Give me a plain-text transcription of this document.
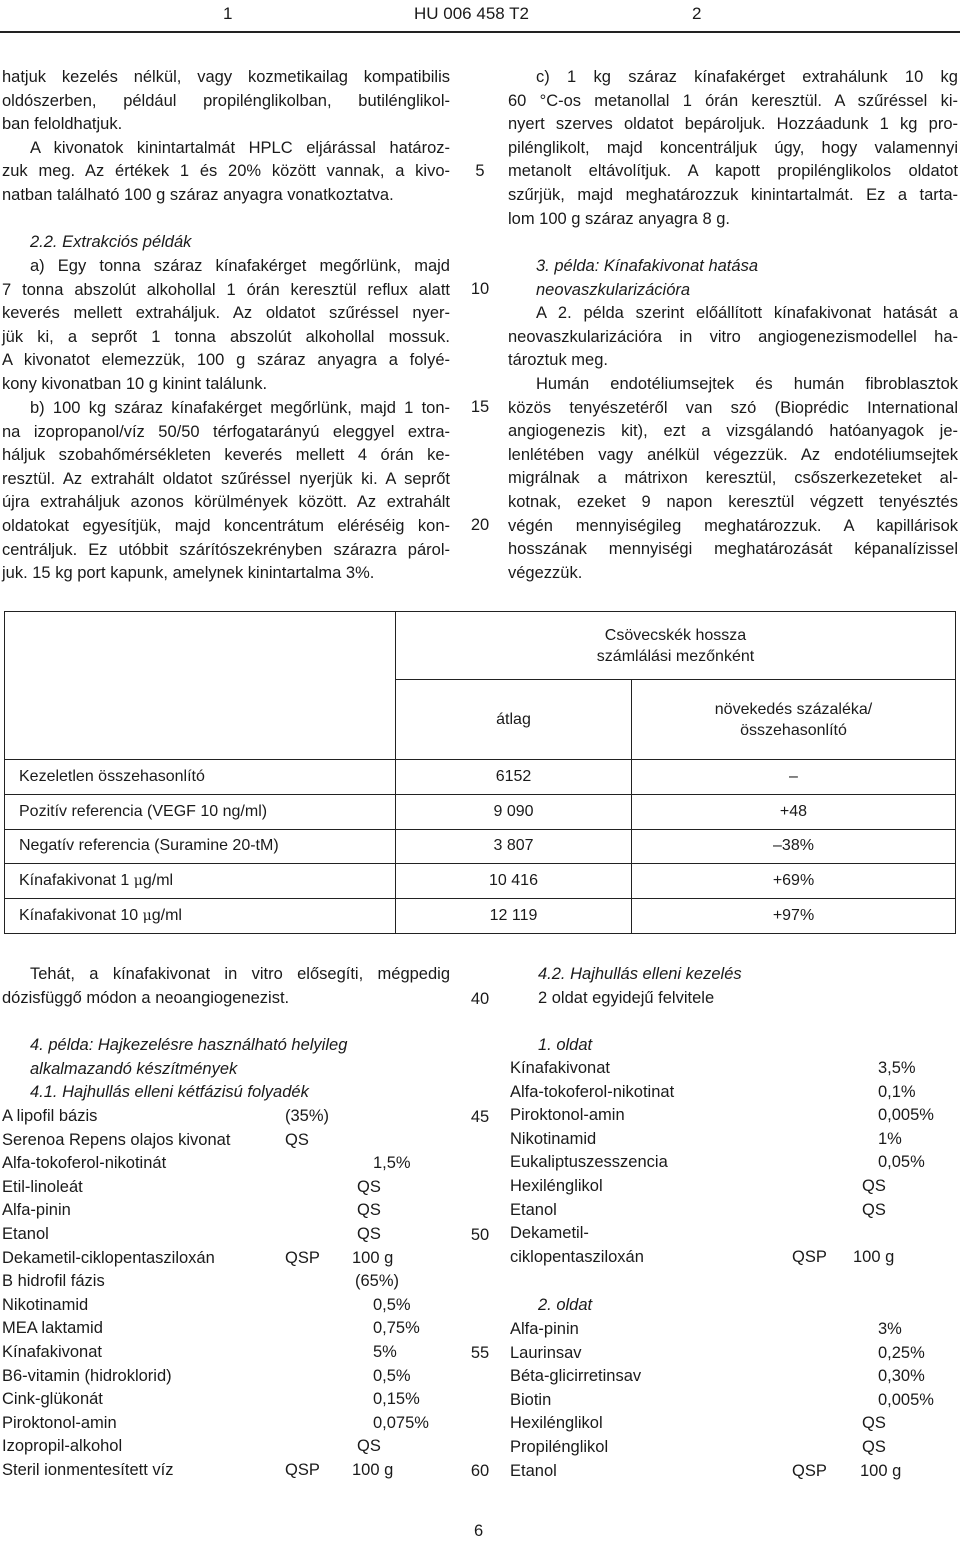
1	HU 006 458 T2	2
hatjuk kezelés nélkül, vagy kozmetikailag kompatibilis
oldószerben, például propilénglikolban, butilénglikol-
ban feloldhatjuk.
A kivonatok kinintartalmát HPLC eljárással határoz-
zuk meg. Az értékek 1 és 20% között vannak, a kivo-
natban található 100 g száraz anyagra vonatkoztatva.
2.2. Extrakciós példák
a) Egy tonna száraz kínafakérget megőrlünk, majd
7 tonna abszolút alkohollal 1 órán keresztül reflux alatt
keverés mellett extraháljuk. Az oldatot szűréssel nyer-
jük ki, a seprőt 1 tonna abszolút alkohollal mossuk.
A kivonatot elemezzük, 100 g száraz anyagra a folyé-
kony kivonatban 10 g kinint találunk.
b) 100 kg száraz kínafakérget megőrlünk, majd 1 ton-
na izopropanol/víz 50/50 térfogatarányú eleggyel extra-
háljuk szobahőmérsékleten keverés mellett 4 órán ke-
resztül. Az extrahált oldatot szűréssel nyerjük ki. A seprőt
újra extraháljuk azonos körülmények között. Az extrahált
oldatokat egyesítjük, majd koncentrátum eléréséig kon-
centráljuk. Ez utóbbit szárítószekrényben szárazra párol-
juk. 15 kg port kapunk, amelynek kinintartalma 3%.
c) 1 kg száraz kínafakérget extrahálunk 10 kg
60 °C-os metanollal 1 órán keresztül. A szűréssel ki-
nyert szerves oldatot bepároljuk. Hozzáadunk 1 kg pro-
pilénglikolt, majd koncentráljuk úgy, hogy valamennyi
metanolt eltávolítjuk. A kapott propilénglikolos oldatot
szűrjük, majd meghatározzuk kinintartalmát. Ez a tarta-
lom 100 g száraz anyagra 8 g.
3. példa: Kínafakivonat hatása
neovaszkularizációra
A 2. példa szerint előállított kínafakivonat hatását a
neovaszkularizációra in vitro angiogenezismodellel ha-
tároztuk meg.
Humán endotéliumsejtek és humán fibroblasztok
közös tenyészetéről van szó (Bioprédic International
angiogenezis kit), ezt a vizsgálandó hatóanyagok je-
lenlétében vagy anélkül végezzük. Az endotéliumsejtek
migrálnak a mátrixon keresztül, csőszerkezeteket al-
kotnak, ezeket 9 napon keresztül végzett tenyésztés
végén mennyiségileg meghatározzuk. A kapillárisok
hosszának mennyiségi meghatározását képanalízissel
végezzük.
5
10
15
20

	Csövecskék hossza
számlálási mezőnként	

	átlag	növekedés százaléka/
összehasonlító

Kezeletlen összehasonlító	6152	–
Pozitív referencia (VEGF 10 ng/ml)	9 090	+48
Negatív referencia (Suramine 20-tM)	3 807	–38%
Kínafakivonat 1 μg/ml	10 416	+69%
Kínafakivonat 10 μg/ml	12 119	+97%
Tehát, a kínafakivonat in vitro elősegíti, mégpedig
dózisfüggő módon a neoangiogenezist.
4. példa: Hajkezelésre használható helyileg
alkalmazandó készítmények
4.1. Hajhullás elleni kétfázisú folyadék
A lipofil bázis	(35%)
Serenoa Repens olajos kivonat	QS
Alfa-tokoferol-nikotinát	1,5%
Etil-linoleát	QS
Alfa-pinin	QS
Etanol	QS
Dekametil-ciklopentasziloxán	QSP 100 g
B hidrofil fázis	(65%)
Nikotinamid	0,5%
MEA laktamid	0,75%
Kínafakivonat	5%
B6-vitamin (hidroklorid)	0,5%
Cink-glükonát	0,15%
Piroktonol-amin	0,075%
Izopropil-alkohol	QS
Steril ionmentesített víz	QSP 100 g
4.2. Hajhullás elleni kezelés
2 oldat egyidejű felvitele
1. oldat
Kínafakivonat	3,5%
Alfa-tokoferol-nikotinat	0,1%
Piroktonol-amin	0,005%
Nikotinamid	1%
Eukaliptuszesszencia	0,05%
Hexilénglikol	QS
Etanol	QS
Dekametil-
ciklopentasziloxán	QSP 100 g
2. oldat
Alfa-pinin	3%
Laurinsav	0,25%
Béta-glicirretinsav	0,30%
Biotin	0,005%
Hexilénglikol	QS
Propilénglikol	QS
Etanol	QSP 100 g
40
45
50
55
60
6
